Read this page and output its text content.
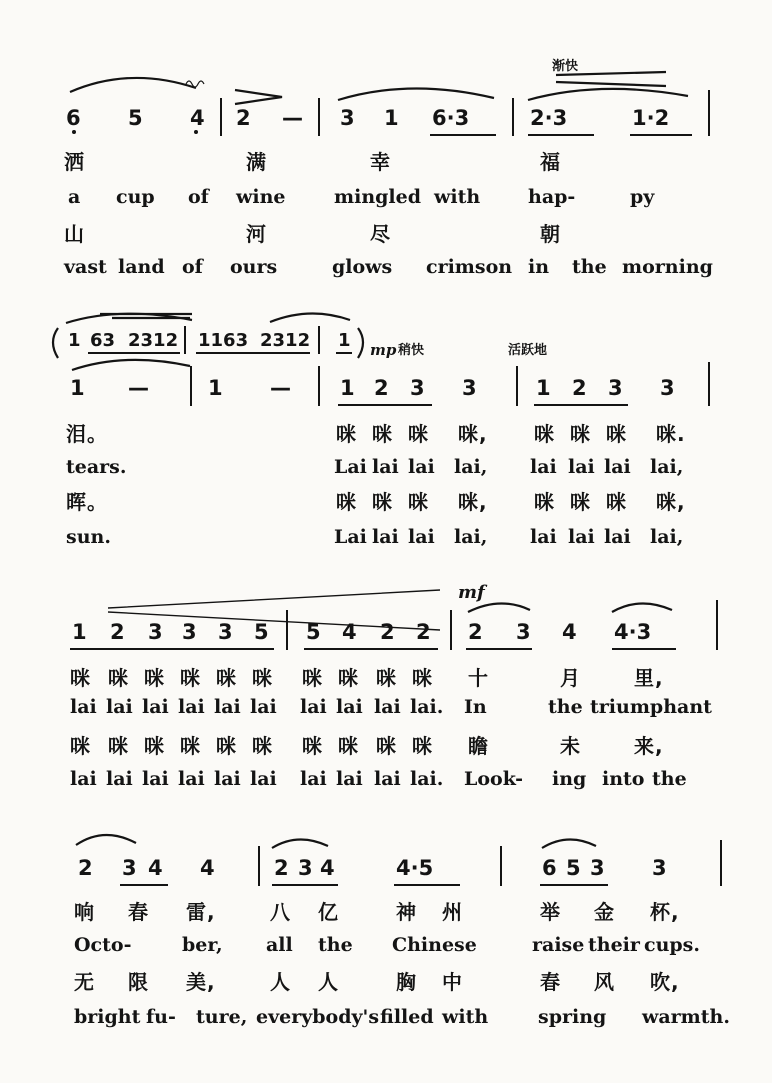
渐快
6 5 4 2 — 3 1 6·3	2·3	1·2
洒	满	幸	福
a cup of wine	mingled with	hap-	py
山	河	尽	朝
vast land of ours	glows crimson in the morning
1 63 2312 1163 2312 1 mp 稍快	活跃地
1 —	1 — 1 2 3 3	1 2 3 3
泪。	咪 咪 咪 咪, 咪 咪 咪 咪.
tears.	Lai lai lai lai, lai lai lai lai,
晖。	咪 咪 咪 咪, 咪 咪 咪 咪,
sun.	Lai lai lai lai, lai lai lai lai,
mf
1 2 3 3 3 5 5 4 2 2 2 3 4 4·3
咪 咪 咪 咪 咪 咪 咪 咪 咪 咪 十	月	里,
lai lai lai lai lai lai lai lai lai lai. In	the triumphant
咪 咪 咪 咪 咪 咪 咪 咪 咪 咪 瞻	未	来,
lai lai lai lai lai lai lai lai lai lai. Look- ing into the
2 3 4 4	2 3 4	4·5	6 5 3 3
响 春 雷,	八 亿	神 州	举 金 杯,
Octo-	ber, all the Chinese	raise their cups.
无 限 美,	人 人	胸 中	春 风 吹,
bright fu- ture, everybody's filled with	spring warmth.
